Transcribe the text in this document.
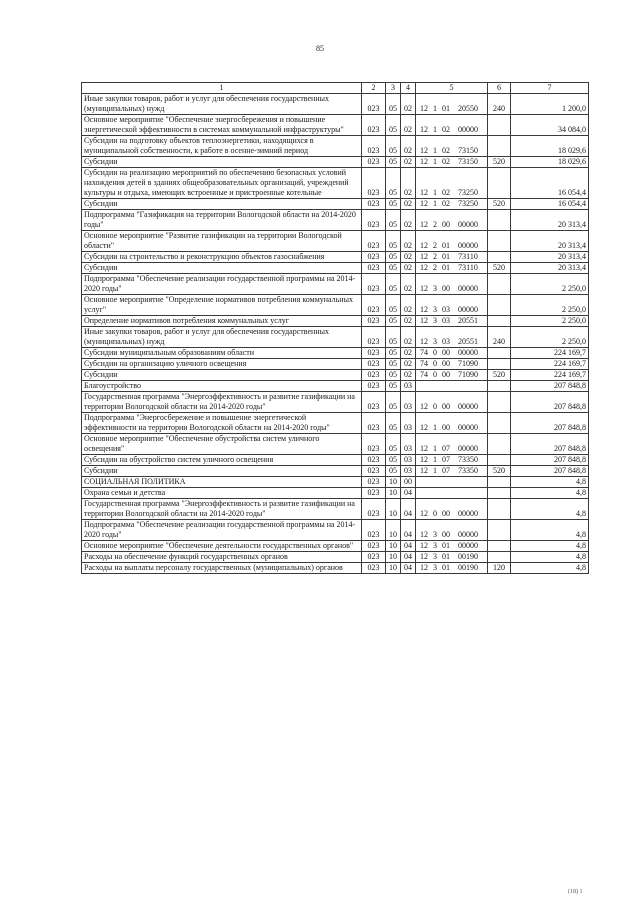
85
1	2	3	4	5	6	7
Иные закупки товаров, работ и услуг для обеспечения государственных (муниципальных) нужд	023	05	02	12 1 01 20550	240	1 200,0
Основное мероприятие "Обеспечение энергосбережения и повышение энергетической эффективности в системах коммунальной инфраструктуры"	023	05	02	12 1 02 00000		34 084,0
Субсидии на подготовку объектов теплоэнергетики, находящихся в муниципальной собственности, к работе в осенне-зимний период	023	05	02	12 1 02 73150		18 029,6
Субсидии	023	05	02	12 1 02 73150	520	18 029,6
Субсидии на реализацию мероприятий по обеспечению безопасных условий нахождения детей в зданиях общеобразовательных организаций, учреждений культуры и отдыха, имеющих встроенные и пристроенные котельные	023	05	02	12 1 02 73250		16 054,4
Субсидии	023	05	02	12 1 02 73250	520	16 054,4
Подпрограмма "Газификация на территории Вологодской области на 2014-2020 годы"	023	05	02	12 2 00 00000		20 313,4
Основное мероприятие "Развитие газификации на территории Вологодской области"	023	05	02	12 2 01 00000		20 313,4
Субсидии на строительство и реконструкцию объектов газоснабжения	023	05	02	12 2 01 73110		20 313,4
Субсидии	023	05	02	12 2 01 73110	520	20 313,4
Подпрограмма "Обеспечение реализации государственной программы на 2014-2020 годы"	023	05	02	12 3 00 00000		2 250,0
Основное мероприятие "Определение нормативов потребления коммунальных услуг"	023	05	02	12 3 03 00000		2 250,0
Определение нормативов потребления коммунальных услуг	023	05	02	12 3 03 20551		2 250,0
Иные закупки товаров, работ и услуг для обеспечения государственных (муниципальных) нужд	023	05	02	12 3 03 20551	240	2 250,0
Субсидии муниципальным образованиям области	023	05	02	74 0 00 00000		224 169,7
Субсидии на организацию уличного освещения	023	05	02	74 0 00 71090		224 169,7
Субсидии	023	05	02	74 0 00 71090	520	224 169,7
Благоустройство	023	05	03			207 848,8
Государственная программа "Энергоэффективность и развитие газификации на территории Вологодской области на 2014-2020 годы"	023	05	03	12 0 00 00000		207 848,8
Подпрограмма "Энергосбережение и повышение энергетической эффективности на территории Вологодской области на 2014-2020 годы"	023	05	03	12 1 00 00000		207 848,8
Основное мероприятие "Обеспечение обустройства систем уличного освещения"	023	05	03	12 1 07 00000		207 848,8
Субсидии на обустройство систем уличного освещения	023	05	03	12 1 07 73350		207 848,8
Субсидии	023	05	03	12 1 07 73350	520	207 848,8
СОЦИАЛЬНАЯ ПОЛИТИКА	023	10	00			4,8
Охрана семьи и детства	023	10	04			4,8
Государственная программа "Энергоэффективность и развитие газификации на территории Вологодской области на 2014-2020 годы"	023	10	04	12 0 00 00000		4,8
Подпрограмма "Обеспечение реализации государственной программы на 2014-2020 годы"	023	10	04	12 3 00 00000		4,8
Основное мероприятие "Обеспечение деятельности государственных органов"	023	10	04	12 3 01 00000		4,8
Расходы на обеспечение функций государственных органов	023	10	04	12 3 01 00190		4,8
Расходы на выплаты персоналу государственных (муниципальных) органов	023	10	04	12 3 01 00190	120	4,8
(18) 1
